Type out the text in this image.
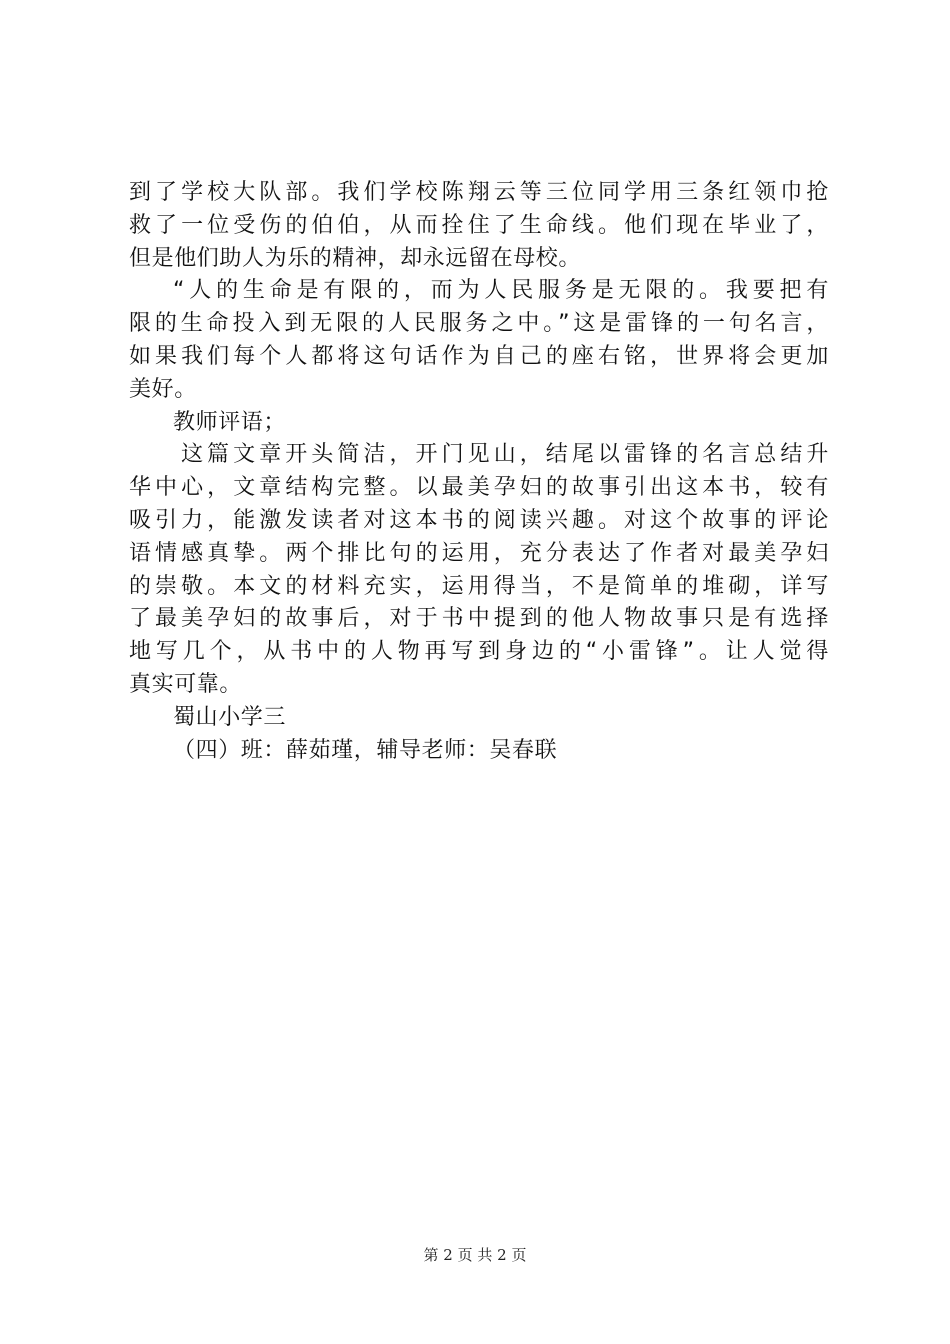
到了学校大队部。我们学校陈翔云等三位同学用三条红领巾抢
救了一位受伤的伯伯，从而拴住了生命线。他们现在毕业了，
但是他们助人为乐的精神，却永远留在母校。
“人的生命是有限的，而为人民服务是无限的。我要把有
限的生命投入到无限的人民服务之中。”这是雷锋的一句名言，
如果我们每个人都将这句话作为自己的座右铭，世界将会更加
美好。
教师评语；
这篇文章开头简洁，开门见山，结尾以雷锋的名言总结升
华中心，文章结构完整。以最美孕妇的故事引出这本书，较有
吸引力，能激发读者对这本书的阅读兴趣。对这个故事的评论
语情感真挚。两个排比句的运用，充分表达了作者对最美孕妇
的崇敬。本文的材料充实，运用得当，不是简单的堆砌，详写
了最美孕妇的故事后，对于书中提到的他人物故事只是有选择
地写几个，从书中的人物再写到身边的“小雷锋”。让人觉得
真实可靠。
蜀山小学三
（四）班：薛茹瑾，辅导老师：吴春联
第 2 页 共 2 页
